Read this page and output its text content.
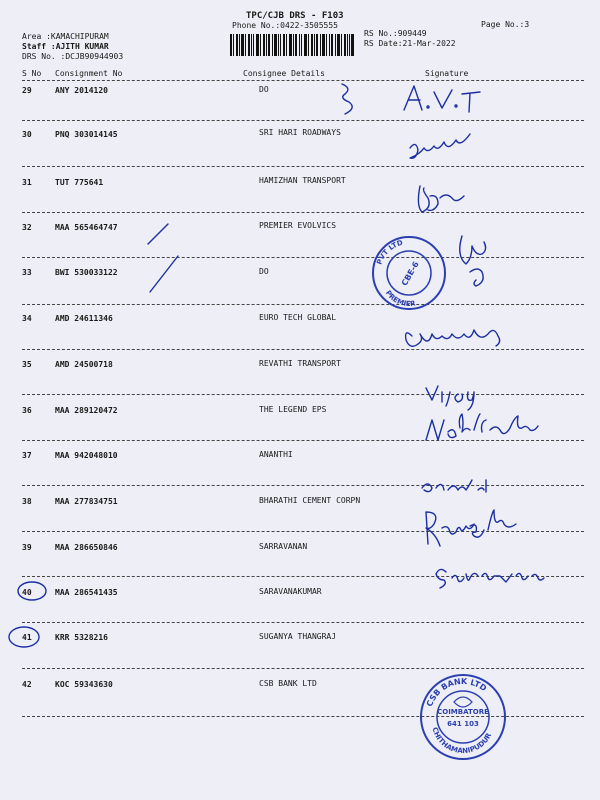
TPC/CJB DRS - F103
Phone No.:0422-3505555	Page No.:3
Area :KAMACHIPURAM
Staff :AJITH KUMAR
DRS No. :DCJB90944903
RS No.:909449
RS Date:21-Mar-2022
S No Consignment No	Consignee Details	Signature
29	ANY 2014120	DO
30	PNQ 303014145	SRI HARI ROADWAYS
31	TUT 775641	HAMIZHAN TRANSPORT
32	MAA 565464747	PREMIER EVOLVICS
33	BWI 530033122	DO
34	AMD 24611346	EURO TECH GLOBAL
35	AMD 24500718	REVATHI TRANSPORT
36	MAA 289120472	THE LEGEND EPS
37	MAA 942048010	ANANTHI
38	MAA 277834751	BHARATHI CEMENT CORPN
39	MAA 286650846	SARRAVANAN
40	MAA 286541435	SARAVANAKUMAR
41	KRR 5328216	SUGANYA THANGRAJ
42	KOC 59343630	CSB BANK LTD
PVT LTD
PREMIER
CBE-6
CSB BANK LTD
CHITHAMANIPUDUR
COIMBATORE
641 103
